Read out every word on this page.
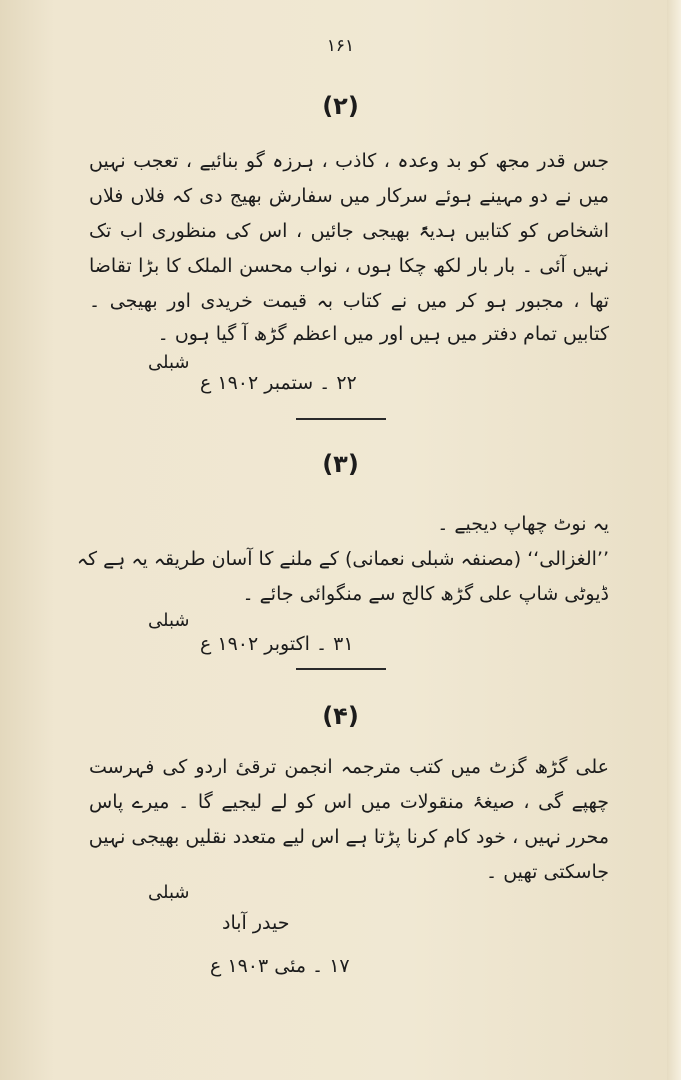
۱۶۱
(۲)
جس قدر مجھ کو بد وعدہ ، کاذب ، ہرزہ گو بنائیے ، تعجب نہیں
میں نے دو مہینے ہوئے سرکار میں سفارش بھیج دی کہ فلاں فلاں
اشخاص کو کتابیں ہدیۃً بھیجی جائیں ، اس کی منظوری اب تک
نہیں آئی ۔ بار بار لکھ چکا ہوں ، نواب محسن الملک کا بڑا تقاضا
تھا ، مجبور ہو کر میں نے کتاب بہ قیمت خریدی اور بھیجی ۔
کتابیں تمام دفتر میں ہیں اور میں اعظم گڑھ آ گیا ہوں ۔
شبلی
۲۲ ۔ ستمبر ۱۹۰۲ ع
(۳)
یہ نوٹ چھاپ دیجیے ۔
’’الغزالی‘‘ (مصنفہ شبلی نعمانی) کے ملنے کا آسان طریقہ یہ ہے کہ
ڈیوٹی شاپ علی گڑھ کالج سے منگوائی جائے ۔
شبلی
۳۱ ۔ اکتوبر ۱۹۰۲ ع
(۴)
علی گڑھ گزٹ میں کتب مترجمہ انجمن ترقیٔ اردو کی فہرست
چھپے گی ، صیغۂ منقولات میں اس کو لے لیجیے گا ۔ میرے پاس
محرر نہیں ، خود کام کرنا پڑتا ہے اس لیے متعدد نقلیں بھیجی نہیں
جاسکتی تھیں ۔
شبلی
حیدر آباد
۱۷ ۔ مئی ۱۹۰۳ ع
